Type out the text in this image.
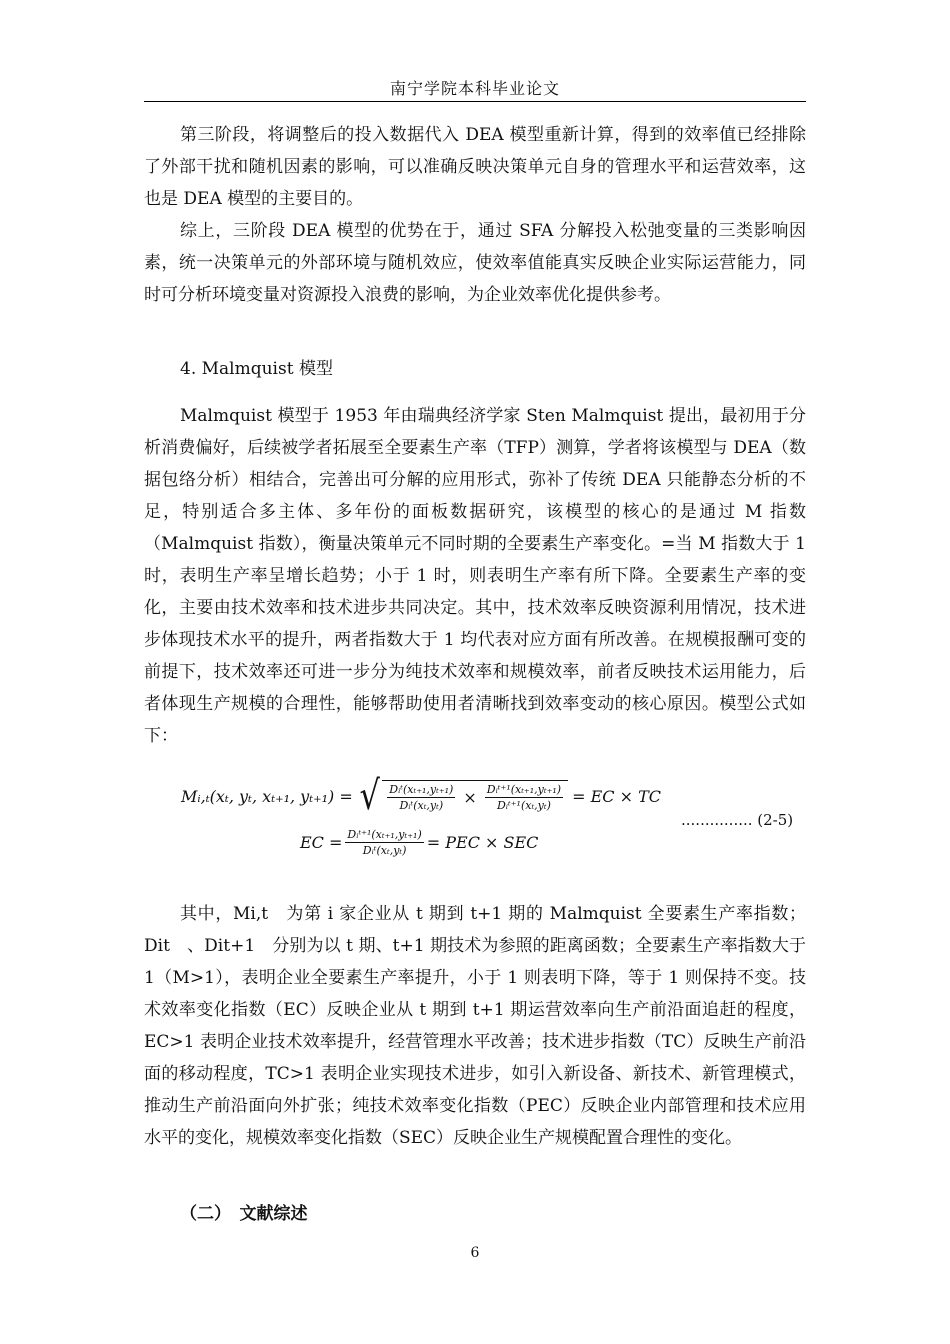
南宁学院本科毕业论文

第三阶段，将调整后的投入数据代入 DEA 模型重新计算，得到的效率值已经排除了外部干扰和随机因素的影响，可以准确反映决策单元自身的管理水平和运营效率，这也是 DEA 模型的主要目的。

综上，三阶段 DEA 模型的优势在于，通过 SFA 分解投入松弛变量的三类影响因素，统一决策单元的外部环境与随机效应，使效率值能真实反映企业实际运营能力，同时可分析环境变量对资源投入浪费的影响，为企业效率优化提供参考。

4. Malmquist 模型

Malmquist 模型于 1953 年由瑞典经济学家 Sten Malmquist 提出，最初用于分析消费偏好，后续被学者拓展至全要素生产率（TFP）测算，学者将该模型与 DEA（数据包络分析）相结合，完善出可分解的应用形式，弥补了传统 DEA 只能静态分析的不足，特别适合多主体、多年份的面板数据研究，该模型的核心的是通过 M 指数（Malmquist 指数），衡量决策单元不同时期的全要素生产率变化。=当 M 指数大于 1 时，表明生产率呈增长趋势；小于 1 时，则表明生产率有所下降。全要素生产率的变化，主要由技术效率和技术进步共同决定。其中，技术效率反映资源利用情况，技术进步体现技术水平的提升，两者指数大于 1 均代表对应方面有所改善。在规模报酬可变的前提下，技术效率还可进一步分为纯技术效率和规模效率，前者反映技术运用能力，后者体现生产规模的合理性，能够帮助使用者清晰找到效率变动的核心原因。模型公式如下：

Mᵢ,ₜ(xₜ, yₜ, xₜ₊₁, yₜ₊₁) = √ $\frac{\text{Dᵢᵗ(xₜ₊₁,yₜ₊₁)}}{\text{Dᵢᵗ(xₜ,yₜ)}} \times \frac{\text{Dᵢᵗ⁺¹(xₜ₊₁,yₜ₊₁)}}{\text{Dᵢᵗ⁺¹(xₜ,yₜ)}}$ = EC × TC
............... (2-5)
EC = $\frac{\text{Dᵢᵗ⁺¹(xₜ₊₁,yₜ₊₁)}}{\text{Dᵢᵗ(xₜ,yₜ)}}$ = PEC × SEC

其中，Mi,t　为第 i 家企业从 t 期到 t+1 期的 Malmquist 全要素生产率指数；Dit　、Dit+1　分别为以 t 期、t+1 期技术为参照的距离函数；全要素生产率指数大于 1（M>1），表明企业全要素生产率提升，小于 1 则表明下降，等于 1 则保持不变。技术效率变化指数（EC）反映企业从 t 期到 t+1 期运营效率向生产前沿面追赶的程度，EC>1 表明企业技术效率提升，经营管理水平改善；技术进步指数（TC）反映生产前沿面的移动程度，TC>1 表明企业实现技术进步，如引入新设备、新技术、新管理模式，推动生产前沿面向外扩张；纯技术效率变化指数（PEC）反映企业内部管理和技术应用水平的变化，规模效率变化指数（SEC）反映企业生产规模配置合理性的变化。

（二）　文献综述
6
